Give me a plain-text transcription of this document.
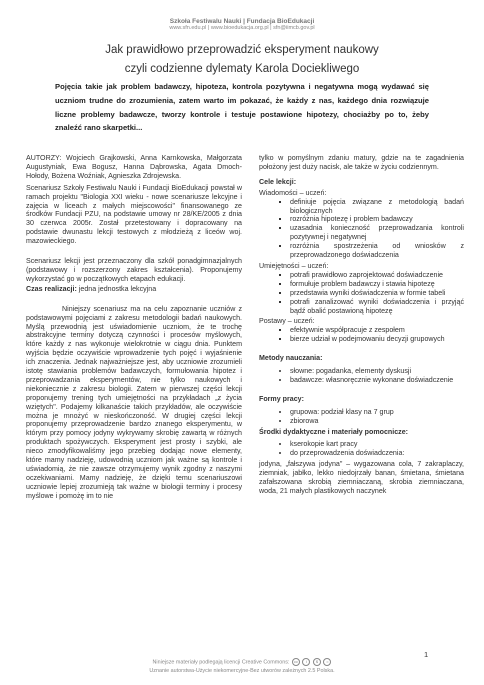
Szkoła Festiwalu Nauki | Fundacja BioEdukacji
www.sfn.edu.pl | www.bioedukacja.org.pl | sfn@iimcb.gov.pl
Jak prawidłowo przeprowadzić eksperyment naukowy
czyli codzienne dylematy Karola Dociekliwego
Pojęcia takie jak problem badawczy, hipoteza, kontrola pozytywna i negatywna mogą wydawać się uczniom trudne do zrozumienia, zatem warto im pokazać, że każdy z nas, każdego dnia rozwiązuje liczne problemy badawcze, tworzy kontrole i testuje postawione hipotezy, chociażby po to, żeby znaleźć rano skarpetki...

AUTORZY: Wojciech Grajkowski, Anna Karnkowska, Małgorzata Augustyniak, Ewa Bogusz, Hanna Dąbrowska, Agata Dmoch-Hołody, Bożena Woźniak, Agnieszka Zdrojewska.

Scenariusz Szkoły Festiwalu Nauki i Fundacji BioEdukacji powstał w ramach projektu "Biologia XXI wieku - nowe scenariusze lekcyjne i zajęcia w liceach z małych miejscowości" finansowanego ze środków Fundacji PZU, na podstawie umowy nr 28/KE/2005 z dnia 30 czerwca 2005r. Został przetestowany i dopracowany na podstawie dwunastu lekcji testowych z młodzieżą z liceów woj. mazowieckiego.

Scenariusz lekcji jest przeznaczony dla szkół ponadgimnazjalnych (podstawowy i rozszerzony zakres kształcenia). Proponujemy wykorzystać go w początkowych etapach edukacji.

Czas realizacji: jedna jednostka lekcyjna

Niniejszy scenariusz ma na celu zapoznanie uczniów z podstawowymi pojęciami z zakresu metodologii badań naukowych. Myślą przewodnią jest uświadomienie uczniom, że te trochę abstrakcyjne terminy dotyczą czynności i procesów myślowych, które każdy z nas wykonuje wielokrotnie w ciągu dnia. Punktem wyjścia będzie oczywiście wprowadzenie tych pojęć i wyjaśnienie ich znaczenia. Jednak najważniejsze jest, aby uczniowie zrozumieli istotę stawiania problemów badawczych, formułowania hipotez i przeprowadzania eksperymentów, nie tylko naukowych i niekoniecznie z zakresu biologii. Zatem w pierwszej części lekcji proponujemy trening tych umiejętności na przykładach „z życia wziętych". Podajemy kilkanaście takich przykładów, ale oczywiście można je mnożyć w nieskończoność. W drugiej części lekcji proponujemy przeprowadzenie bardzo znanego eksperymentu, w którym przy pomocy jodyny wykrywamy skrobię zawartą w różnych produktach spożywczych. Eksperyment jest prosty i szybki, ale nieco zmodyfikowaliśmy jego przebieg dodając nowe elementy, które mamy nadzieję, udowodnią uczniom jak ważne są kontrole i uświadomią, że nie zawsze otrzymujemy wynik zgodny z naszymi oczekiwaniami. Mamy nadzieję, że dzięki temu scenariuszowi uczniowie lepiej zrozumieją tak ważne w biologii terminy i procesy myślowe i pomożę im to nie

tylko w pomyślnym zdaniu matury, gdzie na te zagadnienia położony jest duży nacisk, ale także w życiu codziennym.

Cele lekcji:
Wiadomości – uczeń:
▪ definiuje pojęcia związane z metodologią badań biologicznych
▪ rozróżnia hipotezę i problem badawczy
▪ uzasadnia konieczność przeprowadzania kontroli pozytywnej i negatywnej
▪ rozróżnia spostrzeżenia od wniosków z przeprowadzonego doświadczenia
Umiejętności – uczeń:
▪ potrafi prawidłowo zaprojektować doświadczenie
▪ formułuje problem badawczy i stawia hipotezę
▪ przedstawia wyniki doświadczenia w formie tabeli
▪ potrafi zanalizować wyniki doświadczenia i przyjąć bądź obalić postawioną hipotezę
Postawy – uczeń:
▪ efektywnie współpracuje z zespołem
▪ bierze udział w podejmowaniu decyzji grupowych
Metody nauczania:
• słowne: pogadanka, elementy dyskusji
• badawcze: własnoręcznie wykonane doświadczenie
Formy pracy:
• grupowa: podział klasy na 7 grup
• zbiorowa
Środki dydaktyczne i materiały pomocnicze:
• kserokopie kart pracy
• do przeprowadzenia doświadczenia:

jodyna, „fałszywa jodyna" – wygazowana cola, 7 zakraplaczy, ziemniak, jabłko, lekko niedojrzały banan, śmietana, śmietana zafałszowana skrobią ziemniaczaną, skrobia ziemniaczana, woda, 21 małych plastikowych naczynek

1
Niniejsze materiały podlegają licencji Creative Commons: cc i $ =
Uznanie autorstwa-Użycie niekomercyjne-Bez utworów zależnych 2.5 Polska.
